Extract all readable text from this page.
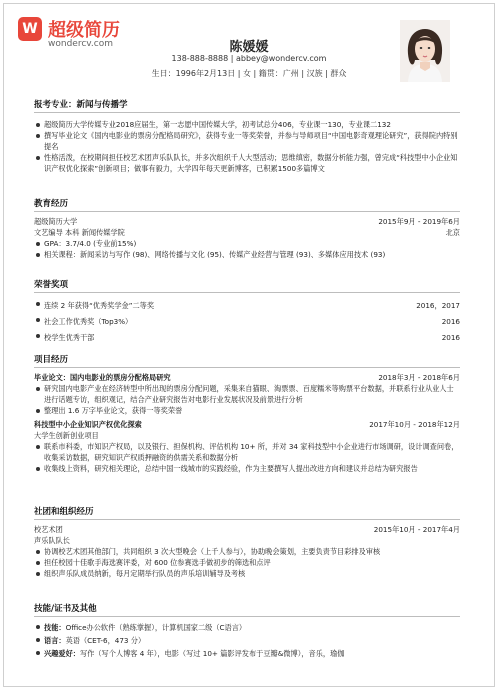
W 超级简历
wondercv.com	陈媛媛
138-888-8888 | abbey@wondercv.com
生日：1996年2月13日 | 女 | 籍贯：广州 | 汉族 | 群众
报考专业：新闻与传播学
超级简历大学传媒专业2018应届生，第一志愿中国传媒大学，初考试总分406，专业课一130，专业课二132
撰写毕业论文《国内电影业的票房分配格局研究》，获得专业一等奖荣誉，并参与导师项目“中国电影奇观理论研究”，获得院内特别提名
性格活泼，在校期间担任校艺术团声乐队队长，并多次组织千人大型活动；思维缜密，数据分析能力强，曾完成“科技型中小企业知识产权优化探索”创新项目；做事有毅力，大学四年每天更新博客，已积累1500多篇博文
教育经历
超级简历大学	2015年9月 - 2019年6月
文艺编导 本科 新闻传媒学院	北京
GPA：3.7/4.0 (专业前15%)
相关课程：新闻采访与写作 (98)、网络传播与文化 (95)、传媒产业经营与管理 (93)、多媒体应用技术 (93)
荣誉奖项
连续 2 年获得“优秀奖学金”二等奖	2016，2017
社会工作优秀奖（Top3%）	2016
校学生优秀干部	2016
项目经历
毕业论文：国内电影业的票房分配格局研究	2018年3月 - 2018年6月
研究国内电影产业在经济转型中所出现的票房分配问题，采集来自猫眼、淘票票、百度糯米等购票平台数据，并联系行业从业人士进行话题专访，组织观记，结合产业研究报告对电影行业发展状况及前景进行分析
整理出 1.6 万字毕业论文，获得一等奖荣誉
科技型中小企业知识产权优化探索	2017年10月 - 2018年12月
大学生创新创业项目
联系市科委，市知识产权局，以及银行、担保机构、评估机构 10+ 所，并对 34 家科技型中小企业进行市场调研，设计调查问卷，收集采访数据，研究知识产权质押融资的供需关系和数据分析
收集线上资料，研究相关理论，总结中国一线城市的实践经验，作为主要撰写人提出改进方向和建议并总结为研究报告
社团和组织经历
校艺术团	2015年10月 - 2017年4月
声乐队队长
协调校艺术团其他部门，共同组织 3 次大型晚会（上千人参与），协助晚会策划，主要负责节目彩排及审核
担任校园十佳歌手海选赛评委，对 600 位参赛选手做初步的筛选和点评
组织声乐队成员纳新，每月定期举行队员的声乐培训辅导及考核
技能/证书及其他
技能：Office办公软件（熟练掌握），计算机国家二级（C语言）
语言：英语（CET-6，473 分）
兴趣爱好：写作（写个人博客 4 年），电影（写过 10+ 篇影评发布于豆瓣&微博），音乐，瑜伽
